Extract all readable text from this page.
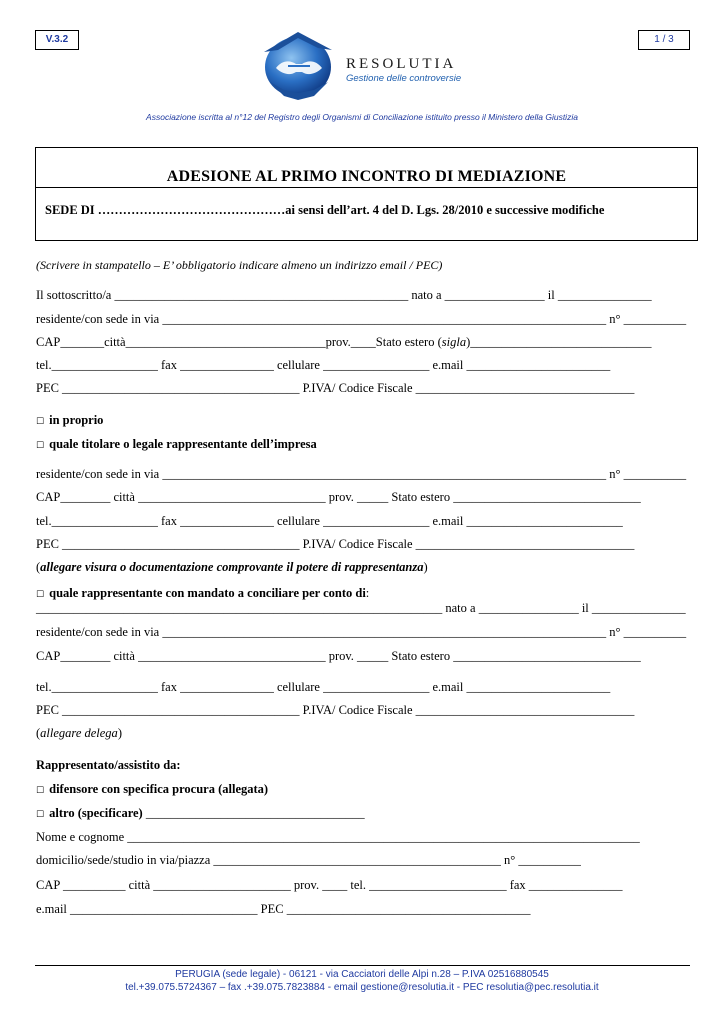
V.3.2	1 / 3
RESOLUTIA
Gestione delle controversie
Associazione iscritta al n°12 del Registro degli Organismi di Conciliazione istituito presso il Ministero della Giustizia
ADESIONE AL PRIMO INCONTRO DI MEDIAZIONE
SEDE DI ………………………………………ai sensi dell’art. 4 del D. Lgs. 28/2010 e successive modifiche
(Scrivere in stampatello – E’ obbligatorio indicare almeno un indirizzo email / PEC)
Il sottoscritto/a _______________________________________________ nato a ________________ il _______________
residente/con sede in via _______________________________________________________________________ n° __________
CAP_______città________________________________prov.____Stato estero (sigla)_____________________________
tel._________________ fax _______________ cellulare _________________ e.mail _______________________
PEC ______________________________________ P.IVA/ Codice Fiscale ___________________________________
☐ in proprio
☐ quale titolare o legale rappresentante dell’impresa
residente/con sede in via _______________________________________________________________________ n° __________
CAP________ città ______________________________ prov. _____ Stato estero ______________________________
tel._________________ fax _______________ cellulare _________________ e.mail _________________________
PEC ______________________________________ P.IVA/ Codice Fiscale ___________________________________
(allegare visura o documentazione comprovante il potere di rappresentanza)
☐ quale rappresentante con mandato a conciliare per conto di:
_________________________________________________________________ nato a ________________ il _______________
residente/con sede in via _______________________________________________________________________ n° __________
CAP________ città ______________________________ prov. _____ Stato estero ______________________________
tel._________________ fax _______________ cellulare _________________ e.mail _______________________
PEC ______________________________________ P.IVA/ Codice Fiscale ___________________________________
(allegare delega)
Rappresentato/assistito da:
☐ difensore con specifica procura (allegata)
☐ altro (specificare) ___________________________________
Nome e cognome __________________________________________________________________________________
domicilio/sede/studio in via/piazza ______________________________________________ n° __________
CAP __________ città ______________________ prov. ____ tel. ______________________ fax _______________
e.mail ______________________________ PEC _______________________________________
PERUGIA (sede legale) - 06121 - via Cacciatori delle Alpi n.28 – P.IVA 02516880545
tel.+39.075.5724367 – fax .+39.075.7823884 - email gestione@resolutia.it - PEC resolutia@pec.resolutia.it
